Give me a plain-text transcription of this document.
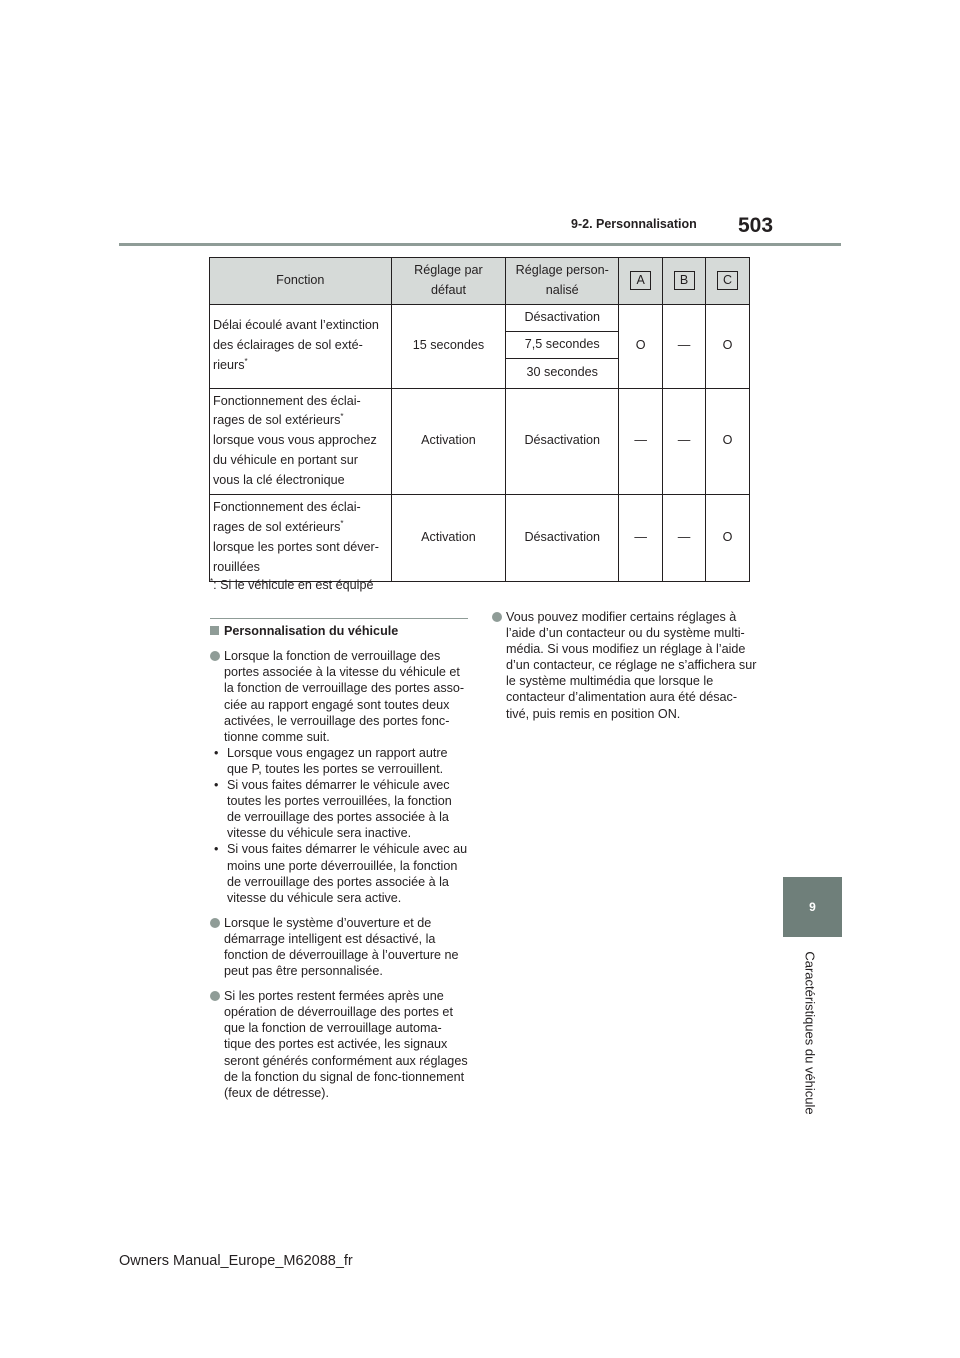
9-2. Personnalisation 503
Fonction	Réglage par défaut	Réglage person-nalisé	A	B	C
Délai écoulé avant l’extinction des éclairages de sol exté-rieurs*	15 secondes	Désactivation	O	—	O
		7,5 secondes			
		30 secondes			
Fonctionnement des éclai-rages de sol extérieurs* lorsque vous vous approchez du véhicule en portant sur vous la clé électronique	Activation	Désactivation	—	—	O
Fonctionnement des éclai-rages de sol extérieurs* lorsque les portes sont déver-rouillées	Activation	Désactivation	—	—	O
*: Si le véhicule en est équipé
Personnalisation du véhicule
Lorsque la fonction de verrouillage des portes associée à la vitesse du véhicule et la fonction de verrouillage des portes asso-ciée au rapport engagé sont toutes deux activées, le verrouillage des portes fonc-tionne comme suit.
• Lorsque vous engagez un rapport autre que P, toutes les portes se verrouillent.
• Si vous faites démarrer le véhicule avec toutes les portes verrouillées, la fonction de verrouillage des portes associée à la vitesse du véhicule sera inactive.
• Si vous faites démarrer le véhicule avec au moins une porte déverrouillée, la fonction de verrouillage des portes associée à la vitesse du véhicule sera active.
Lorsque le système d’ouverture et de démarrage intelligent est désactivé, la fonction de déverrouillage à l’ouverture ne peut pas être personnalisée.
Si les portes restent fermées après une opération de déverrouillage des portes et que la fonction de verrouillage automa-tique des portes est activée, les signaux seront générés conformément aux réglages de la fonction du signal de fonc-tionnement (feux de détresse).
Vous pouvez modifier certains réglages à l’aide d’un contacteur ou du système multi-média. Si vous modifiez un réglage à l’aide d’un contacteur, ce réglage ne s’affichera sur le système multimédia que lorsque le contacteur d’alimentation aura été désac-tivé, puis remis en position ON.
9
Caractéristiques du véhicule
Owners Manual_Europe_M62088_fr
